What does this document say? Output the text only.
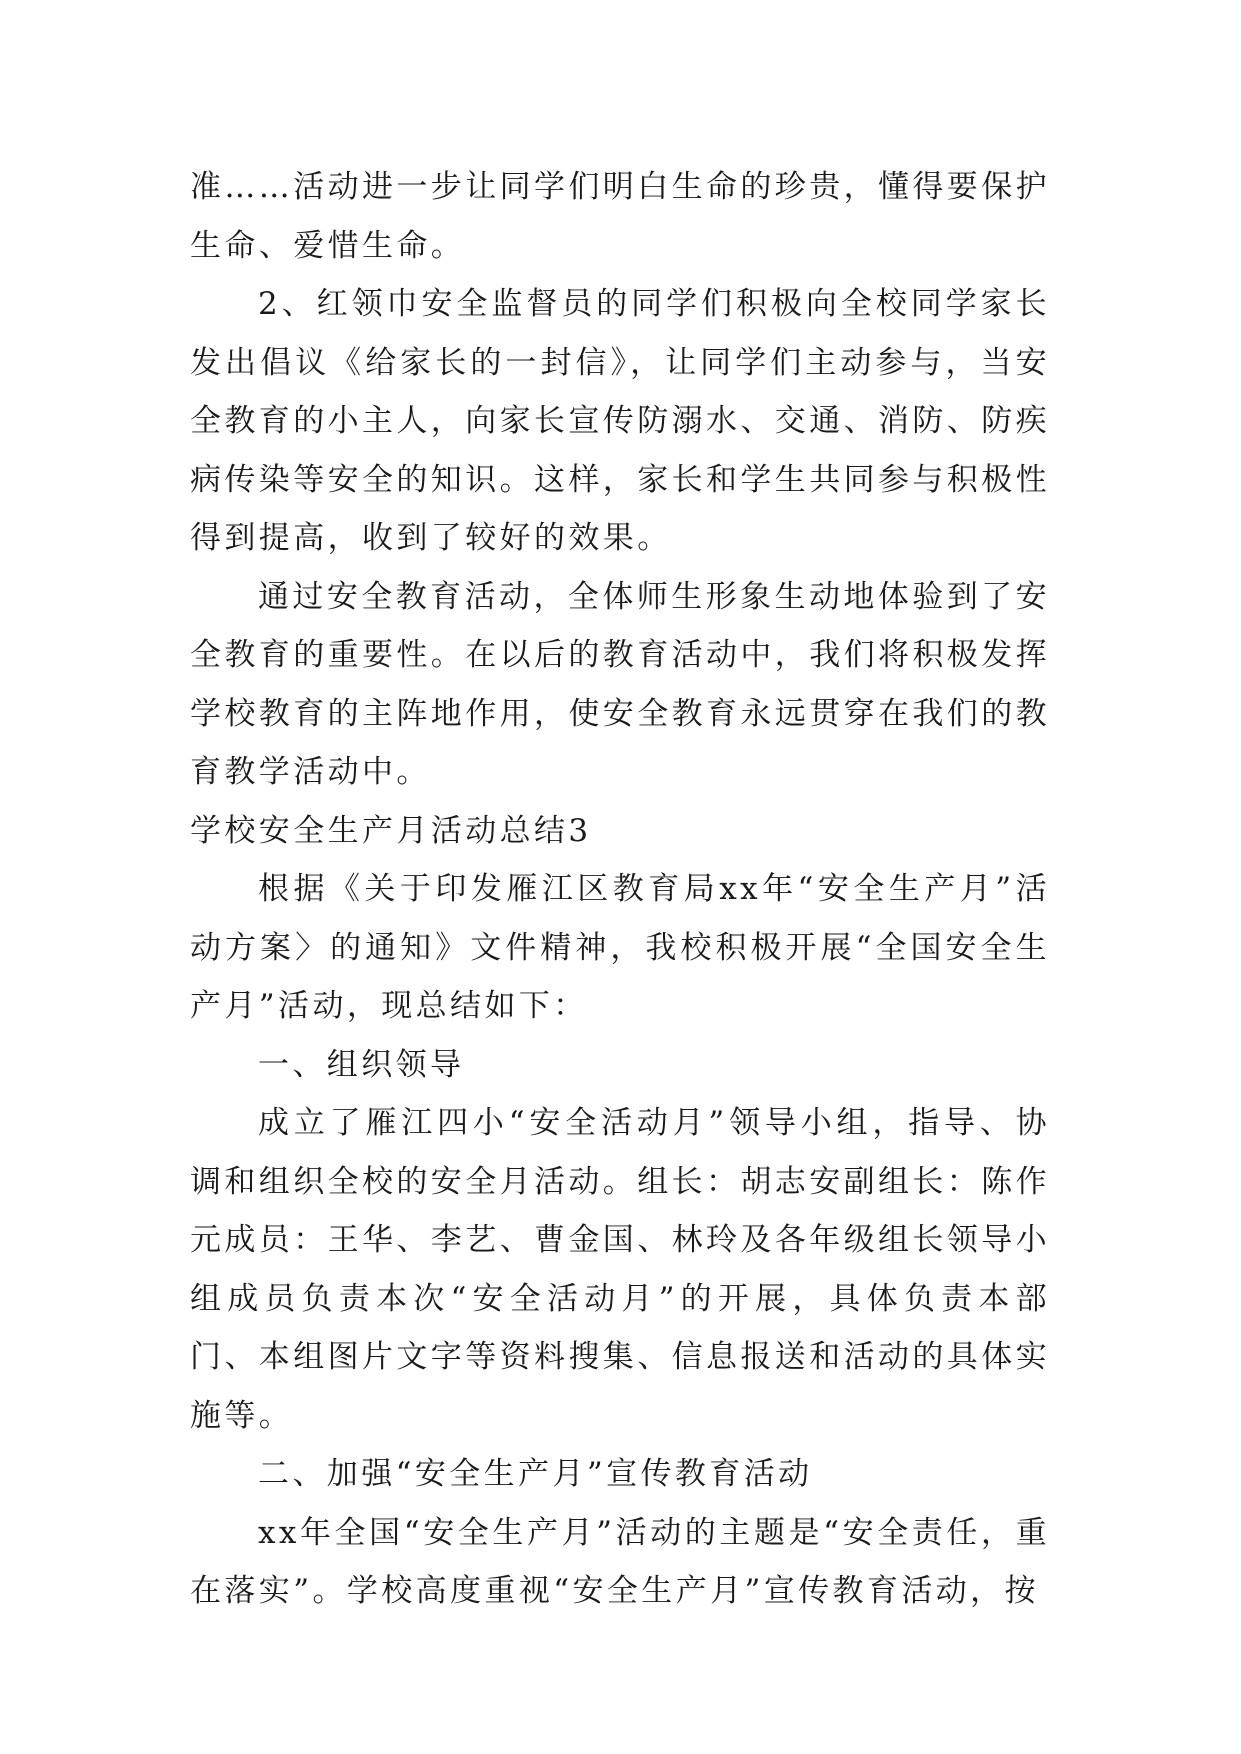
准……活动进一步让同学们明白生命的珍贵，懂得要保护生命、爱惜生命。

2、红领巾安全监督员的同学们积极向全校同学家长发出倡议《给家长的一封信》，让同学们主动参与，当安全教育的小主人，向家长宣传防溺水、交通、消防、防疾病传染等安全的知识。这样，家长和学生共同参与积极性得到提高，收到了较好的效果。

通过安全教育活动，全体师生形象生动地体验到了安全教育的重要性。在以后的教育活动中，我们将积极发挥学校教育的主阵地作用，使安全教育永远贯穿在我们的教育教学活动中。

学校安全生产月活动总结3

根据《关于印发雁江区教育局xx年“安全生产月”活动方案〉的通知》文件精神，我校积极开展“全国安全生产月”活动，现总结如下：

一、组织领导

成立了雁江四小“安全活动月”领导小组，指导、协调和组织全校的安全月活动。组长：胡志安副组长：陈作元成员：王华、李艺、曹金国、林玲及各年级组长领导小组成员负责本次“安全活动月”的开展，具体负责本部门、本组图片文字等资料搜集、信息报送和活动的具体实施等。

二、加强“安全生产月”宣传教育活动

xx年全国“安全生产月”活动的主题是“安全责任，重在落实”。学校高度重视“安全生产月”宣传教育活动，按
